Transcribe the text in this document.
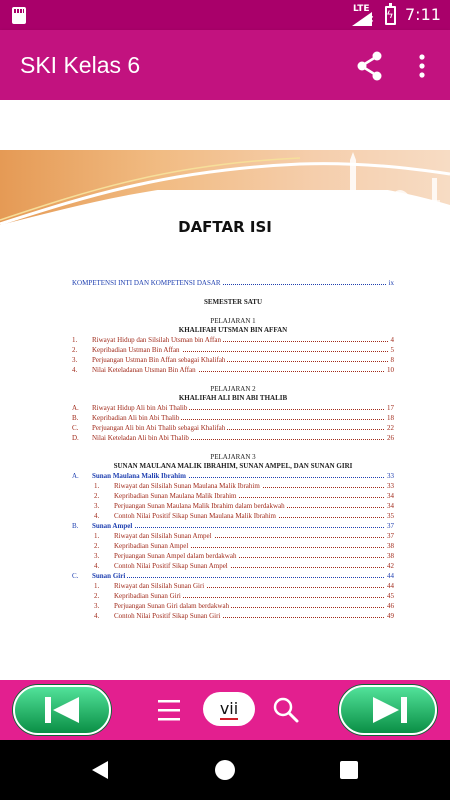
LTE
× ϟ 7:11
SKI Kelas 6
DAFTAR ISI
KOMPETENSI INTI DAN KOMPETENSI DASAR	ix
SEMESTER SATU
PELAJARAN 1
KHALIFAH UTSMAN BIN AFFAN
1.	Riwayat Hidup dan Silsilah Utsman bin Affan	4
2.	Kepribadian Ustman Bin Affan	5
3.	Perjuangan Ustman Bin Affan sebagai Khalifah	8
4.	Nilai Keteladanan Utsman Bin Affan	10
PELAJARAN 2
KHALIFAH ALI BIN ABI THALIB
A.	Riwayat Hidup Ali bin Abi Thalib	17
B.	Kepribadian Ali bin Abi Thalib	18
C.	Perjuangan Ali bin Abi Thalib sebagai Khalifah	22
D.	Nilai Keteladan Ali bin Abi Thalib	26
PELAJARAN 3
SUNAN MAULANA MALIK IBRAHIM, SUNAN AMPEL, DAN SUNAN GIRI
A.	Sunan Maulana Malik Ibrahim	33
1.	Riwayat dan Silsilah Sunan Maulana Malik Ibrahim	33
2.	Kepribadian Sunan Maulana Malik Ibrahim	34
3.	Perjuangan Sunan Maulana Malik Ibrahim dalam berdakwah	34
4.	Contoh Nilai Positif Sikap Sunan Maulana Malik Ibrahim	35
B.	Sunan Ampel	37
1.	Riwayat dan Silsilah Sunan Ampel	37
2.	Kepribadian Sunan Ampel	38
3.	Perjuangan Sunan Ampel dalam berdakwah	38
4.	Contoh Nilai Positif Sikap Sunan Ampel	42
C.	Sunan Giri	44
1.	Riwayat dan Silsilah Sunan Giri	44
2.	Kepribadian Sunan Giri	45
3.	Perjuangan Sunan Giri dalam berdakwah	46
4.	Contoh Nilai Positif Sikap Sunan Giri	49
vii
